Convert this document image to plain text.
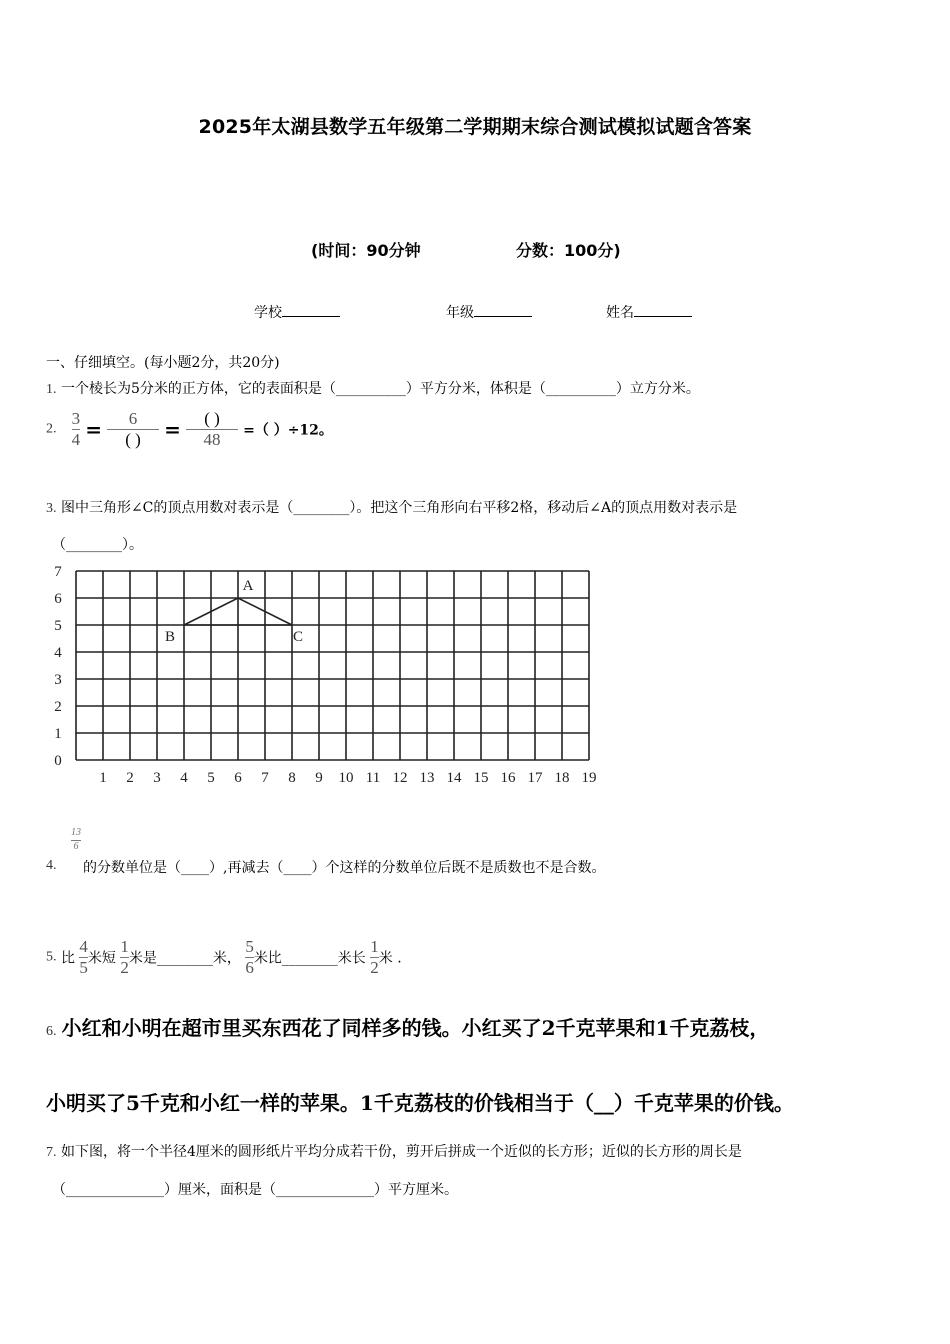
2025年太湖县数学五年级第二学期期末综合测试模拟试题含答案
(时间：90分钟	分数：100分)
学校	年级	姓名
一、仔细填空。(每小题2分，共20分)
1. 一个棱长为5分米的正方体，它的表面积是（__________）平方分米，体积是（__________）立方分米。
2. $\frac{3}{4} = \frac{6}{( )} = \frac{( )}{48}$ =（ ）÷12。
3. 图中三角形∠C的顶点用数对表示是（________）。把这个三角形向右平移2格，移动后∠A的顶点用数对表示是
（________）。
1 2 3 4 5 6 7 8 9 10 11 12 13 14 15 16 17 18 19
0
1
2
3
4
5
6
7
A
B	C
4.
13
6
的分数单位是（____）,再减去（____）个这样的分数单位后既不是质数也不是合数。
5. 比 $\frac{4}{5}$ 米短 $\frac{1}{2}$ 米是________米， $\frac{5}{6}$ 米比________米长 $\frac{1}{2}$ 米 .
6. 小红和小明在超市里买东西花了同样多的钱。小红买了2千克苹果和1千克荔枝，
小明买了5千克和小红一样的苹果。1千克荔枝的价钱相当于（__）千克苹果的价钱。
7. 如下图，将一个半径4厘米的圆形纸片平均分成若干份，剪开后拼成一个近似的长方形；近似的长方形的周长是
（______________）厘米，面积是（______________）平方厘米。
